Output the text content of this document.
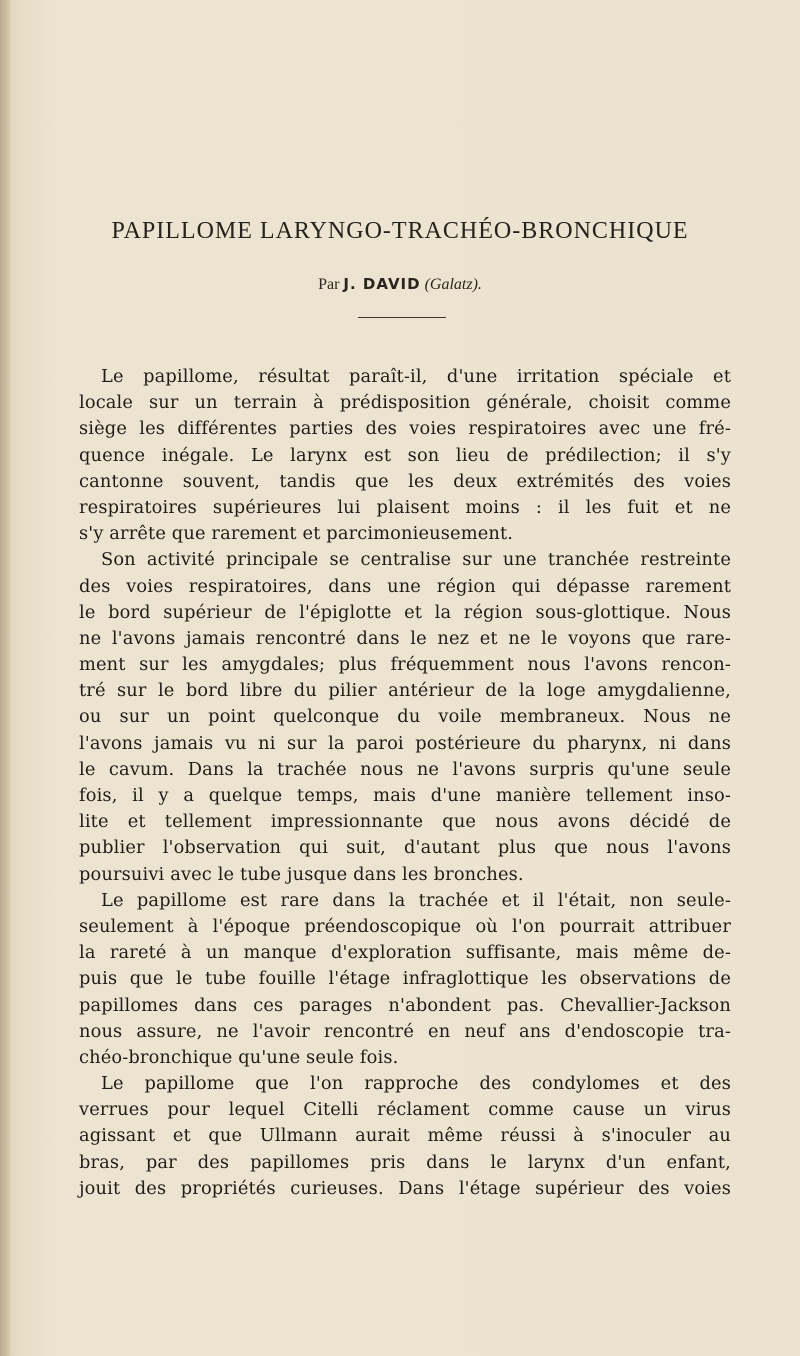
PAPILLOME LARYNGO-TRACHÉO-BRONCHIQUE

Par J. DAVID (Galatz).

Le papillome, résultat paraît-il, d'une irritation spéciale et
locale sur un terrain à prédisposition générale, choisit comme
siège les différentes parties des voies respiratoires avec une fré-
quence inégale. Le larynx est son lieu de prédilection; il s'y
cantonne souvent, tandis que les deux extrémités des voies
respiratoires supérieures lui plaisent moins : il les fuit et ne
s'y arrête que rarement et parcimonieusement.
Son activité principale se centralise sur une tranchée restreinte
des voies respiratoires, dans une région qui dépasse rarement
le bord supérieur de l'épiglotte et la région sous-glottique. Nous
ne l'avons jamais rencontré dans le nez et ne le voyons que rare-
ment sur les amygdales; plus fréquemment nous l'avons rencon-
tré sur le bord libre du pilier antérieur de la loge amygdalienne,
ou sur un point quelconque du voile membraneux. Nous ne
l'avons jamais vu ni sur la paroi postérieure du pharynx, ni dans
le cavum. Dans la trachée nous ne l'avons surpris qu'une seule
fois, il y a quelque temps, mais d'une manière tellement inso-
lite et tellement impressionnante que nous avons décidé de
publier l'observation qui suit, d'autant plus que nous l'avons
poursuivi avec le tube jusque dans les bronches.
Le papillome est rare dans la trachée et il l'était, non seule-
seulement à l'époque préendoscopique où l'on pourrait attribuer
la rareté à un manque d'exploration suffisante, mais même de-
puis que le tube fouille l'étage infraglottique les observations de
papillomes dans ces parages n'abondent pas. Chevallier-Jackson
nous assure, ne l'avoir rencontré en neuf ans d'endoscopie tra-
chéo-bronchique qu'une seule fois.
Le papillome que l'on rapproche des condylomes et des
verrues pour lequel Citelli réclament comme cause un virus
agissant et que Ullmann aurait même réussi à s'inoculer au
bras, par des papillomes pris dans le larynx d'un enfant,
jouit des propriétés curieuses. Dans l'étage supérieur des voies
